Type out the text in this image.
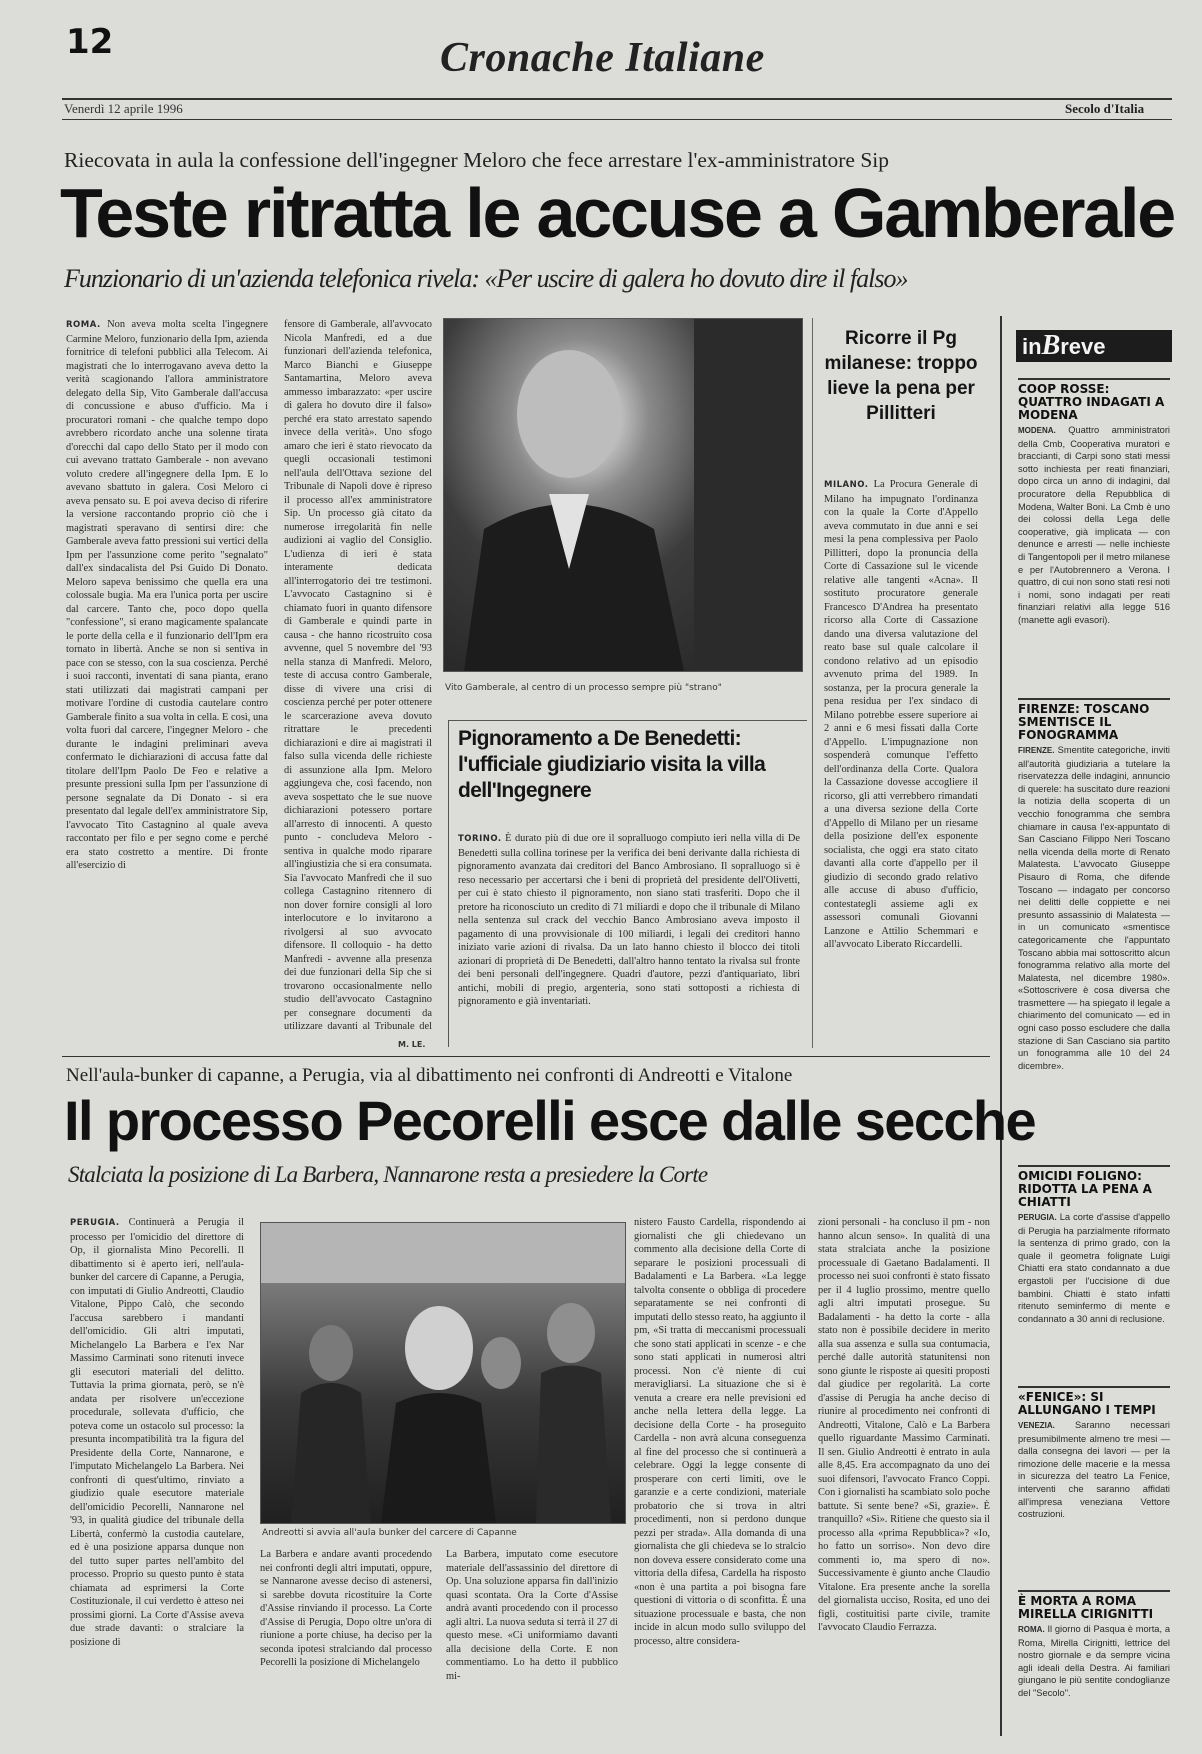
12	Cronache Italiane
Venerdì 12 aprile 1996	Secolo d'Italia
Riecovata in aula la confessione dell'ingegner Meloro che fece arrestare l'ex-amministratore Sip
Teste ritratta le accuse a Gamberale
Funzionario di un'azienda telefonica rivela: «Per uscire di galera ho dovuto dire il falso»

ROMA. Non aveva molta scelta l'ingegnere Carmine Meloro, funzionario della Ipm, azienda fornitrice di telefoni pubblici alla Telecom. Ai magistrati che lo interrogavano aveva detto la verità scagionando l'allora amministratore delegato della Sip, Vito Gamberale dall'accusa di concussione e abuso d'ufficio. Ma i procuratori romani - che qualche tempo dopo avrebbero ricordato anche una solenne tirata d'orecchi dal capo dello Stato per il modo con cui avevano trattato Gamberale - non avevano voluto credere all'ingegnere della Ipm. E lo avevano sbattuto in galera. Così Meloro ci aveva pensato su. E poi aveva deciso di riferire la versione raccontando proprio ciò che i magistrati speravano di sentirsi dire: che Gamberale aveva fatto pressioni sui vertici della Ipm per l'assunzione come perito "segnalato" dall'ex sindacalista del Psi Guido Di Donato. Meloro sapeva benissimo che quella era una colossale bugia. Ma era l'unica porta per uscire dal carcere. Tanto che, poco dopo quella "confessione", si erano magicamente spalancate le porte della cella e il funzionario dell'Ipm era tornato in libertà. Anche se non si sentiva in pace con se stesso, con la sua coscienza. Perché i suoi racconti, inventati di sana pianta, erano stati utilizzati dai magistrati campani per motivare l'ordine di custodia cautelare contro Gamberale finito a sua volta in cella. E così, una volta fuori dal carcere, l'ingegner Meloro - che durante le indagini preliminari aveva confermato le dichiarazioni di accusa fatte dal titolare dell'Ipm Paolo De Feo e relative a presunte pressioni sulla Ipm per l'assunzione di persone segnalate da Di Donato - si era presentato dal legale dell'ex amministratore Sip, l'avvocato Tito Castagnino al quale aveva raccontato per filo e per segno come e perché era stato costretto a mentire. Di fronte all'esercizio di

fensore di Gamberale, all'avvocato Nicola Manfredi, ed a due funzionari dell'azienda telefonica, Marco Bianchi e Giuseppe Santamartina, Meloro aveva ammesso imbarazzato: «per uscire di galera ho dovuto dire il falso» perché era stato arrestato sapendo invece della verità». Uno sfogo amaro che ieri è stato rievocato da quegli occasionali testimoni nell'aula dell'Ottava sezione del Tribunale di Napoli dove è ripreso il processo all'ex amministratore Sip. Un processo già citato da numerose irregolarità fin nelle audizioni ai vaglio del Consiglio. L'udienza di ieri è stata interamente dedicata all'interrogatorio dei tre testimoni. L'avvocato Castagnino si è chiamato fuori in quanto difensore di Gamberale e quindi parte in causa - che hanno ricostruito cosa avvenne, quel 5 novembre del '93 nella stanza di Manfredi. Meloro, teste di accusa contro Gamberale, disse di vivere una crisi di coscienza perché per poter ottenere le scarcerazione aveva dovuto ritrattare le precedenti dichiarazioni e dire ai magistrati il falso sulla vicenda delle richieste di assunzione alla Ipm. Meloro aggiungeva che, così facendo, non aveva sospettato che le sue nuove dichiarazioni potessero portare all'arresto di innocenti. A questo punto - concludeva Meloro - sentiva in qualche modo riparare all'ingiustizia che si era consumata. Sia l'avvocato Manfredi che il suo collega Castagnino ritennero di non dover fornire consigli al loro interlocutore e lo invitarono a rivolgersi al suo avvocato difensore. Il colloquio - ha detto Manfredi - avvenne alla presenza dei due funzionari della Sip che si trovarono occasionalmente nello studio dell'avvocato Castagnino per consegnare documenti da utilizzare davanti al Tribunale del

M. LE.
Vito Gamberale, al centro di un processo sempre più "strano"
Pignoramento a De Benedetti: l'ufficiale giudiziario visita la villa dell'Ingegnere

TORINO. È durato più di due ore il sopralluogo compiuto ieri nella villa di De Benedetti sulla collina torinese per la verifica dei beni derivante dalla richiesta di pignoramento avanzata dai creditori del Banco Ambrosiano. Il sopralluogo si è reso necessario per accertarsi che i beni di proprietà del presidente dell'Olivetti, per cui è stato chiesto il pignoramento, non siano stati trasferiti. Dopo che il pretore ha riconosciuto un credito di 71 miliardi e dopo che il tribunale di Milano nella sentenza sul crack del vecchio Banco Ambrosiano aveva imposto il pagamento di una provvisionale di 100 miliardi, i legali dei creditori hanno iniziato varie azioni di rivalsa. Da un lato hanno chiesto il blocco dei titoli azionari di proprietà di De Benedetti, dall'altro hanno tentato la rivalsa sul fronte dei beni personali dell'ingegnere. Quadri d'autore, pezzi d'antiquariato, libri antichi, mobili di pregio, argenteria, sono stati sottoposti a richiesta di pignoramento e già inventariati.

Ricorre il Pg milanese: troppo lieve la pena per Pillitteri

MILANO. La Procura Generale di Milano ha impugnato l'ordinanza con la quale la Corte d'Appello aveva commutato in due anni e sei mesi la pena complessiva per Paolo Pillitteri, dopo la pronuncia della Corte di Cassazione sul le vicende relative alle tangenti «Acna». Il sostituto procuratore generale Francesco D'Andrea ha presentato ricorso alla Corte di Cassazione dando una diversa valutazione del reato base sul quale calcolare il condono relativo ad un episodio avvenuto prima del 1989. In sostanza, per la procura generale la pena residua per l'ex sindaco di Milano potrebbe essere superiore ai 2 anni e 6 mesi fissati dalla Corte d'Appello. L'impugnazione non sospenderà comunque l'effetto dell'ordinanza della Corte. Qualora la Cassazione dovesse accogliere il ricorso, gli atti verrebbero rimandati a una diversa sezione della Corte d'Appello di Milano per un riesame della posizione dell'ex esponente socialista, che oggi era stato citato davanti alla corte d'appello per il giudizio di secondo grado relativo alle accuse di abuso d'ufficio, contestategli assieme agli ex assessori comunali Giovanni Lanzone e Attilio Schemmari e all'avvocato Liberato Riccardelli.

inBreve

COOP ROSSE: QUATTRO INDAGATI A MODENA

MODENA. Quattro amministratori della Cmb, Cooperativa muratori e braccianti, di Carpi sono stati messi sotto inchiesta per reati finanziari, dopo circa un anno di indagini, dal procuratore della Repubblica di Modena, Walter Boni. La Cmb è uno dei colossi della Lega delle cooperative, già implicata — con denunce e arresti — nelle inchieste di Tangentopoli per il metro milanese e per l'Autobrennero a Verona. I quattro, di cui non sono stati resi noti i nomi, sono indagati per reati finanziari relativi alla legge 516 (manette agli evasori).

FIRENZE: TOSCANO SMENTISCE IL FONOGRAMMA

FIRENZE. Smentite categoriche, inviti all'autorità giudiziaria a tutelare la riservatezza delle indagini, annuncio di querele: ha suscitato dure reazioni la notizia della scoperta di un vecchio fonogramma che sembra chiamare in causa l'ex-appuntato di San Casciano Filippo Neri Toscano nella vicenda della morte di Renato Malatesta. L'avvocato Giuseppe Pisauro di Roma, che difende Toscano — indagato per concorso nei delitti delle coppiette e nei presunto assassinio di Malatesta — in un comunicato «smentisce categoricamente che l'appuntato Toscano abbia mai sottoscritto alcun fonogramma relativo alla morte del Malatesta, nel dicembre 1980». «Sottoscrivere è cosa diversa che trasmettere — ha spiegato il legale a chiarimento del comunicato — ed in ogni caso posso escludere che dalla stazione di San Casciano sia partito un fonogramma alle 10 del 24 dicembre».

OMICIDI FOLIGNO: RIDOTTA LA PENA A CHIATTI

PERUGIA. La corte d'assise d'appello di Perugia ha parzialmente riformato la sentenza di primo grado, con la quale il geometra folignate Luigi Chiatti era stato condannato a due ergastoli per l'uccisione di due bambini. Chiatti è stato infatti ritenuto seminfermo di mente e condannato a 30 anni di reclusione.

«FENICE»: SI ALLUNGANO I TEMPI

VENEZIA. Saranno necessari presumibilmente almeno tre mesi — dalla consegna dei lavori — per la rimozione delle macerie e la messa in sicurezza del teatro La Fenice, interventi che saranno affidati all'impresa veneziana Vettore costruzioni.

È MORTA A ROMA MIRELLA CIRIGNITTI

ROMA. Il giorno di Pasqua è morta, a Roma, Mirella Cirignitti, lettrice del nostro giornale e da sempre vicina agli ideali della Destra. Ai familiari giungano le più sentite condoglianze del "Secolo".

Nell'aula-bunker di capanne, a Perugia, via al dibattimento nei confronti di Andreotti e Vitalone
Il processo Pecorelli esce dalle secche
Stalciata la posizione di La Barbera, Nannarone resta a presiedere la Corte

PERUGIA. Continuerà a Perugia il processo per l'omicidio del direttore di Op, il giornalista Mino Pecorelli. Il dibattimento si è aperto ieri, nell'aula-bunker del carcere di Capanne, a Perugia, con imputati di Giulio Andreotti, Claudio Vitalone, Pippo Calò, che secondo l'accusa sarebbero i mandanti dell'omicidio. Gli altri imputati, Michelangelo La Barbera e l'ex Nar Massimo Carminati sono ritenuti invece gli esecutori materiali del delitto. Tuttavia la prima giornata, però, se n'è andata per risolvere un'eccezione procedurale, sollevata d'ufficio, che poteva come un ostacolo sul processo: la presunta incompatibilità tra la figura del Presidente della Corte, Nannarone, e l'imputato Michelangelo La Barbera. Nei confronti di quest'ultimo, rinviato a giudizio quale esecutore materiale dell'omicidio Pecorelli, Nannarone nel '93, in qualità giudice del tribunale della Libertà, confermò la custodia cautelare, ed è una posizione apparsa dunque non del tutto super partes nell'ambito del processo. Proprio su questo punto è stata chiamata ad esprimersi la Corte Costituzionale, il cui verdetto è atteso nei prossimi giorni. La Corte d'Assise aveva due strade davanti: o stralciare la posizione di

Andreotti si avvia all'aula bunker del carcere di Capanne

La Barbera e andare avanti procedendo nei confronti degli altri imputati, oppure, se Nannarone avesse deciso di astenersi, si sarebbe dovuta ricostituire la Corte d'Assise rinviando il processo. La Corte d'Assise di Perugia, Dopo oltre un'ora di riunione a porte chiuse, ha deciso per la seconda ipotesi stralciando dal processo Pecorelli la posizione di Michelangelo

La Barbera, imputato come esecutore materiale dell'assassinio del direttore di Op. Una soluzione apparsa fin dall'inizio quasi scontata. Ora la Corte d'Assise andrà avanti procedendo con il processo agli altri. La nuova seduta si terrà il 27 di questo mese. «Ci uniformiamo davanti alla decisione della Corte. E non commentiamo. Lo ha detto il pubblico mi-

nistero Fausto Cardella, rispondendo ai giornalisti che gli chiedevano un commento alla decisione della Corte di separare le posizioni processuali di Badalamenti e La Barbera. «La legge talvolta consente o obbliga di procedere separatamente se nei confronti di imputati dello stesso reato, ha aggiunto il pm, «Si tratta di meccanismi processuali che sono stati applicati in scenze - e che sono stati applicati in numerosi altri processi. Non c'è niente di cui meravigliarsi. La situazione che si è venuta a creare era nelle previsioni ed anche nella lettera della legge. La decisione della Corte - ha proseguito Cardella - non avrà alcuna conseguenza al fine del processo che si continuerà a celebrare. Oggi la legge consente di prosperare con certi limiti, ove le garanzie e a certe condizioni, materiale probatorio che si trova in altri procedimenti, non si perdono dunque pezzi per strada». Alla domanda di una giornalista che gli chiedeva se lo stralcio non doveva essere considerato come una vittoria della difesa, Cardella ha risposto «non è una partita a poi bisogna fare questioni di vittoria o di sconfitta. È una situazione processuale e basta, che non incide in alcun modo sullo sviluppo del processo, altre considera-

zioni personali - ha concluso il pm - non hanno alcun senso». In qualità di una stata stralciata anche la posizione processuale di Gaetano Badalamenti. Il processo nei suoi confronti è stato fissato per il 4 luglio prossimo, mentre quello agli altri imputati prosegue. Su Badalamenti - ha detto la corte - alla stato non è possibile decidere in merito alla sua assenza e sulla sua contumacia, perché dalle autorità statunitensi non sono giunte le risposte ai quesiti proposti dal giudice per regolarità. La corte d'assise di Perugia ha anche deciso di riunire al procedimento nei confronti di Andreotti, Vitalone, Calò e La Barbera quello riguardante Massimo Carminati. Il sen. Giulio Andreotti è entrato in aula alle 8,45. Era accompagnato da uno dei suoi difensori, l'avvocato Franco Coppi. Con i giornalisti ha scambiato solo poche battute. Si sente bene? «Sì, grazie». È tranquillo? «Sì». Ritiene che questo sia il processo alla «prima Repubblica»? «Io, ho fatto un sorriso». Non devo dire commenti io, ma spero di no». Successivamente è giunto anche Claudio Vitalone. Era presente anche la sorella del giornalista ucciso, Rosita, ed uno dei figli, costituitisi parte civile, tramite l'avvocato Claudio Ferrazza.
